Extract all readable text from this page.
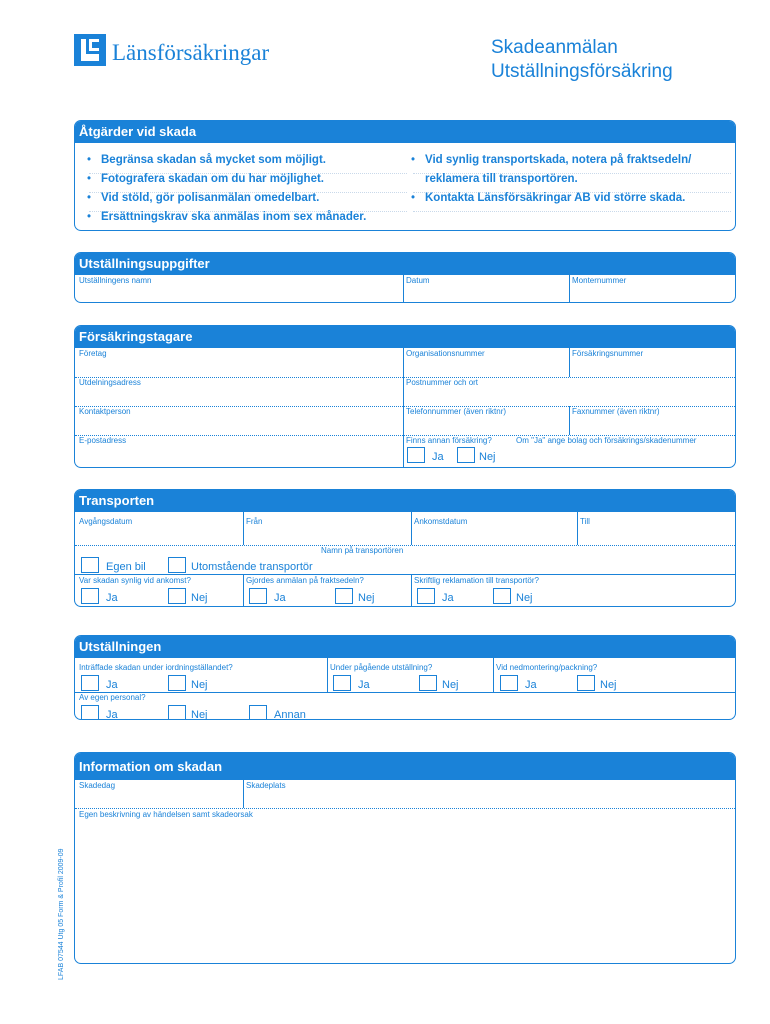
Länsförsäkringar	Skadeanmälan
Utställningsförsäkring
Åtgärder vid skada
• Begränsa skadan så mycket som möjligt.
• Fotografera skadan om du har möjlighet.
• Vid stöld, gör polisanmälan omedelbart.
• Ersättningskrav ska anmälas inom sex månader.
• Vid synlig transportskada, notera på fraktsedeln/
reklamera till transportören.
• Kontakta Länsförsäkringar AB vid större skada.
Utställningsuppgifter
Utställningens namn	Datum	Monternummer
Försäkringstagare
Företag	Organisationsnummer	Försäkringsnummer
Utdelningsadress	Postnummer och ort
Kontaktperson	Telefonnummer (även riktnr)	Faxnummer (även riktnr)
E-postadress	Finns annan försäkring?	Om "Ja" ange bolag och försäkrings/skadenummer
Ja	Nej
Transporten
Avgångsdatum	Från	Ankomstdatum	Till
Namn på transportören
Egen bil	Utomstående transportör
Var skadan synlig vid ankomst?	Gjordes anmälan på fraktsedeln?	Skriftlig reklamation till transportör?
Ja	Nej	Ja	Nej	Ja	Nej
Utställningen
Inträffade skadan under iordningställandet?	Under pågående utställning?	Vid nedmontering/packning?
Ja	Nej	Ja	Nej	Ja	Nej
Av egen personal?
Ja	Nej	Annan
Information om skadan
Skadedag	Skadeplats
Egen beskrivning av händelsen samt skadeorsak
LFAB 07544 Utg 05 Form & Profil 2009-09
